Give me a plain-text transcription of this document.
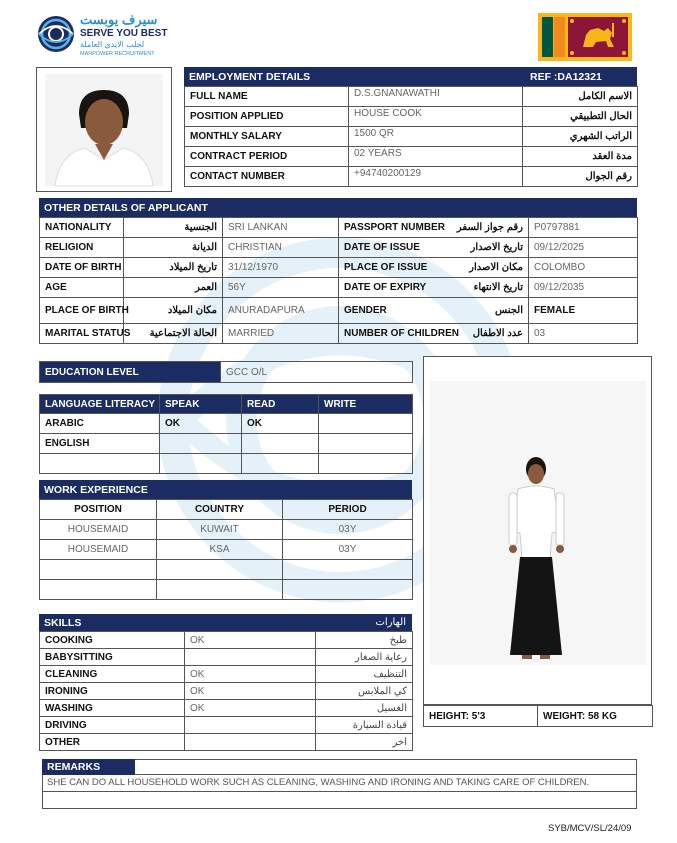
سيرف يوبست
SERVE YOU BEST
لجلب الايدي العاملة
MANPOWER RECRUITMENT
EMPLOYMENT DETAILS	REF :DA12321
FULL NAME	D.S.GNANAWATHI	الاسم الكامل
POSITION APPLIED	HOUSE COOK	الحال التطبيقي
MONTHLY SALARY	1500 QR	الراتب الشهري
CONTRACT PERIOD	02 YEARS	مدة العقد
CONTACT NUMBER	+94740200129	رقم الجوال
OTHER DETAILS OF APPLICANT
NATIONALITY	الجنسية	SRI LANKAN	PASSPORT NUMBER	رقم جواز السفر	P0797881
RELIGION	الديانة	CHRISTIAN	DATE OF ISSUE	تاريخ الاصدار	09/12/2025
DATE OF BIRTH	تاريخ الميلاد	31/12/1970	PLACE OF ISSUE	مكان الاصدار	COLOMBO
AGE	العمر	56Y	DATE OF EXPIRY	تاريخ الانتهاء	09/12/2035
PLACE OF BIRTH	مكان الميلاد	ANURADAPURA	GENDER	الجنس	FEMALE
MARITAL STATUS	الحالة الاجتماعية	MARRIED	NUMBER OF CHILDREN	عدد الاطفال	03
EDUCATION LEVEL	GCC O/L
LANGUAGE LITERACY	SPEAK	READ	WRITE
ARABIC	OK	OK	
ENGLISH			

WORK EXPERIENCE
POSITION	COUNTRY	PERIOD
HOUSEMAID	KUWAIT	03Y
HOUSEMAID	KSA	03Y

SKILLS	الهارات
COOKING	OK	طبخ
BABYSITTING		رعاية الصغار
CLEANING	OK	التنظيف
IRONING	OK	كي الملابس
WASHING	OK	الغسيل
DRIVING		قيادة السيارة
OTHER		اخر
HEIGHT: 5'3	WEIGHT: 58 KG
REMARKS
SHE CAN DO ALL HOUSEHOLD WORK SUCH AS CLEANING, WASHING AND IRONING AND TAKING CARE OF CHILDREN.
SYB/MCV/SL/24/09
